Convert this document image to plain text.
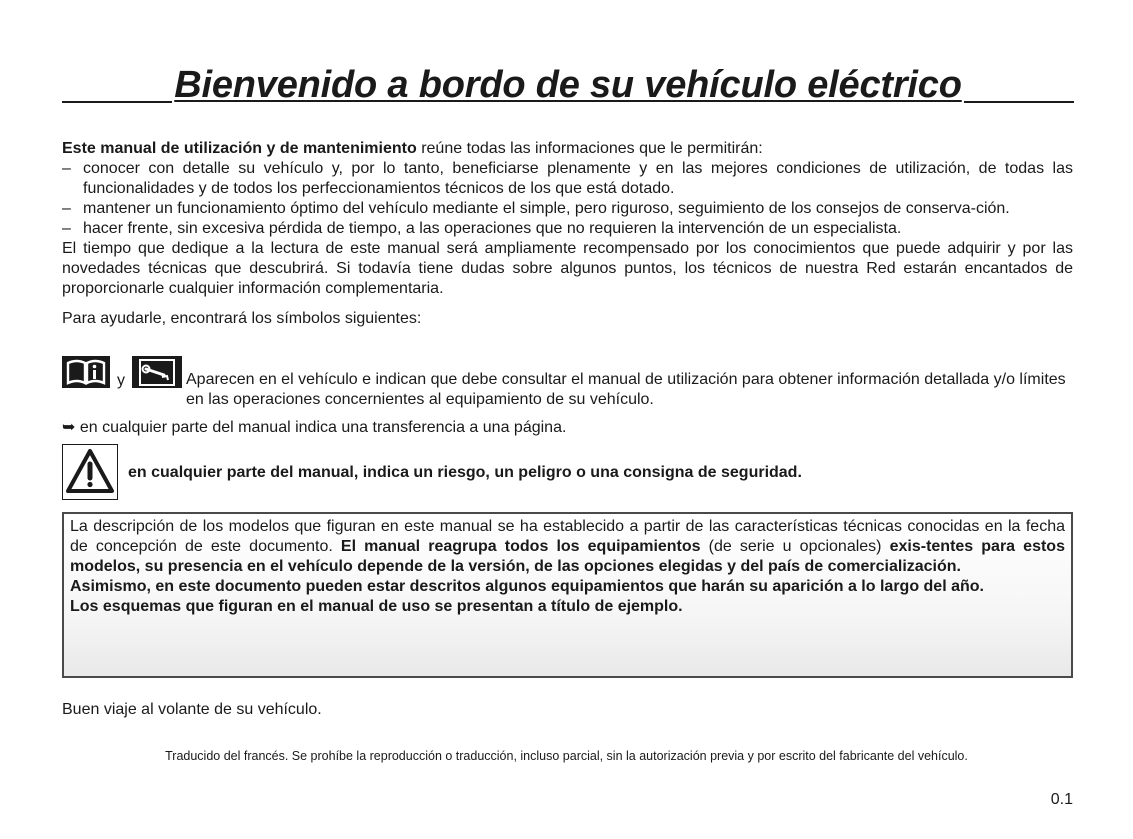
Bienvenido a bordo de su vehículo eléctrico

Este manual de utilización y de mantenimiento reúne todas las informaciones que le permitirán:

– conocer con detalle su vehículo y, por lo tanto, beneficiarse plenamente y en las mejores condiciones de utilización, de todas las funcionalidades y de todos los perfeccionamientos técnicos de los que está dotado.
– mantener un funcionamiento óptimo del vehículo mediante el simple, pero riguroso, seguimiento de los consejos de conserva-ción.
– hacer frente, sin excesiva pérdida de tiempo, a las operaciones que no requieren la intervención de un especialista.

El tiempo que dedique a la lectura de este manual será ampliamente recompensado por los conocimientos que puede adquirir y por las novedades técnicas que descubrirá. Si todavía tiene dudas sobre algunos puntos, los técnicos de nuestra Red estarán encantados de proporcionarle cualquier información complementaria.

Para ayudarle, encontrará los símbolos siguientes:

y	Aparecen en el vehículo e indican que debe consultar el manual de utilización para obtener información detallada y/o límites en las operaciones concernientes al equipamiento de su vehículo.
➥ en cualquier parte del manual indica una transferencia a una página.
en cualquier parte del manual, indica un riesgo, un peligro o una consigna de seguridad.

La descripción de los modelos que figuran en este manual se ha establecido a partir de las características técnicas conocidas en la fecha de concepción de este documento. El manual reagrupa todos los equipamientos (de serie u opcionales) exis-tentes para estos modelos, su presencia en el vehículo depende de la versión, de las opciones elegidas y del país de comercialización.

Asimismo, en este documento pueden estar descritos algunos equipamientos que harán su aparición a lo largo del año.

Los esquemas que figuran en el manual de uso se presentan a título de ejemplo.

Buen viaje al volante de su vehículo.
Traducido del francés. Se prohíbe la reproducción o traducción, incluso parcial, sin la autorización previa y por escrito del fabricante del vehículo.
0.1
